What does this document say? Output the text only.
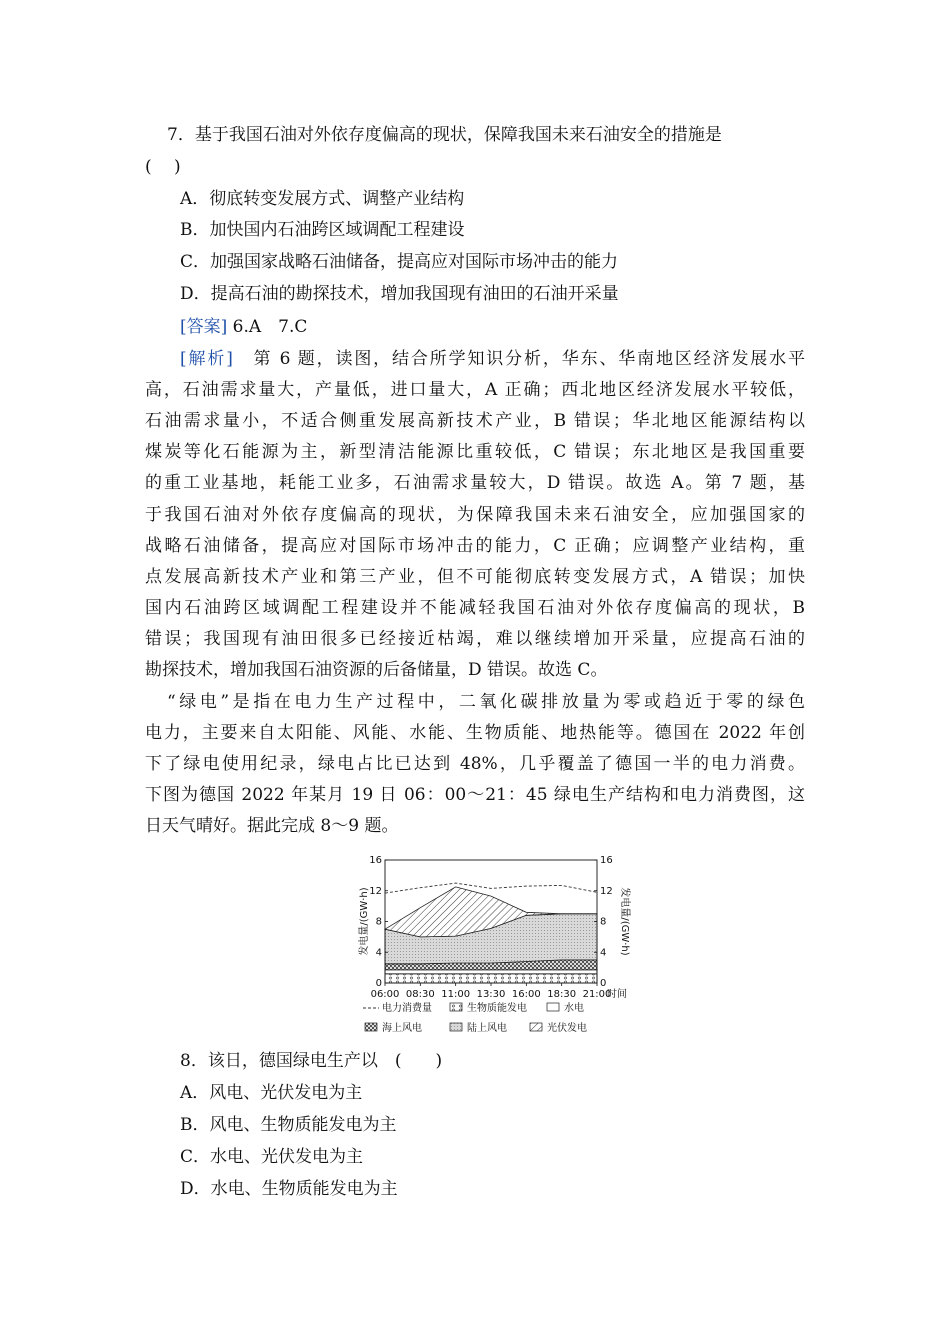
7．基于我国石油对外依存度偏高的现状，保障我国未来石油安全的措施是
(　 )
A．彻底转变发展方式、调整产业结构
B．加快国内石油跨区域调配工程建设
C．加强国家战略石油储备，提高应对国际市场冲击的能力
D．提高石油的勘探技术，增加我国现有油田的石油开采量
[答案] 6.A　7.C
[解析]　第 6 题，读图，结合所学知识分析，华东、华南地区经济发展水平
高，石油需求量大，产量低，进口量大，A 正确；西北地区经济发展水平较低，
石油需求量小，不适合侧重发展高新技术产业，B 错误；华北地区能源结构以
煤炭等化石能源为主，新型清洁能源比重较低，C 错误；东北地区是我国重要
的重工业基地，耗能工业多，石油需求量较大，D 错误。故选 A。第 7 题，基
于我国石油对外依存度偏高的现状，为保障我国未来石油安全，应加强国家的
战略石油储备，提高应对国际市场冲击的能力，C 正确；应调整产业结构，重
点发展高新技术产业和第三产业，但不可能彻底转变发展方式，A 错误；加快
国内石油跨区域调配工程建设并不能减轻我国石油对外依存度偏高的现状，B
错误；我国现有油田很多已经接近枯竭，难以继续增加开采量，应提高石油的
勘探技术，增加我国石油资源的后备储量，D 错误。故选 C。
“绿电”是指在电力生产过程中，二氧化碳排放量为零或趋近于零的绿色
电力，主要来自太阳能、风能、水能、生物质能、地热能等。德国在 2022 年创
下了绿电使用纪录，绿电占比已达到 48%，几乎覆盖了德国一半的电力消费。
下图为德国 2022 年某月 19 日 06：00～21：45 绿电生产结构和电力消费图，这
日天气晴好。据此完成 8～9 题。
0	0
4	4
8	8
12	12
16	16
06:00 08:30 11:00 13:30 16:00 18:30 21:00
时间
发电量/(GW·h)	发电量/(GW·h)
电力消费量	生物质能发电	水电
海上风电	陆上风电	光伏发电
8．该日，德国绿电生产以　(　　)
A．风电、光伏发电为主
B．风电、生物质能发电为主
C．水电、光伏发电为主
D．水电、生物质能发电为主
